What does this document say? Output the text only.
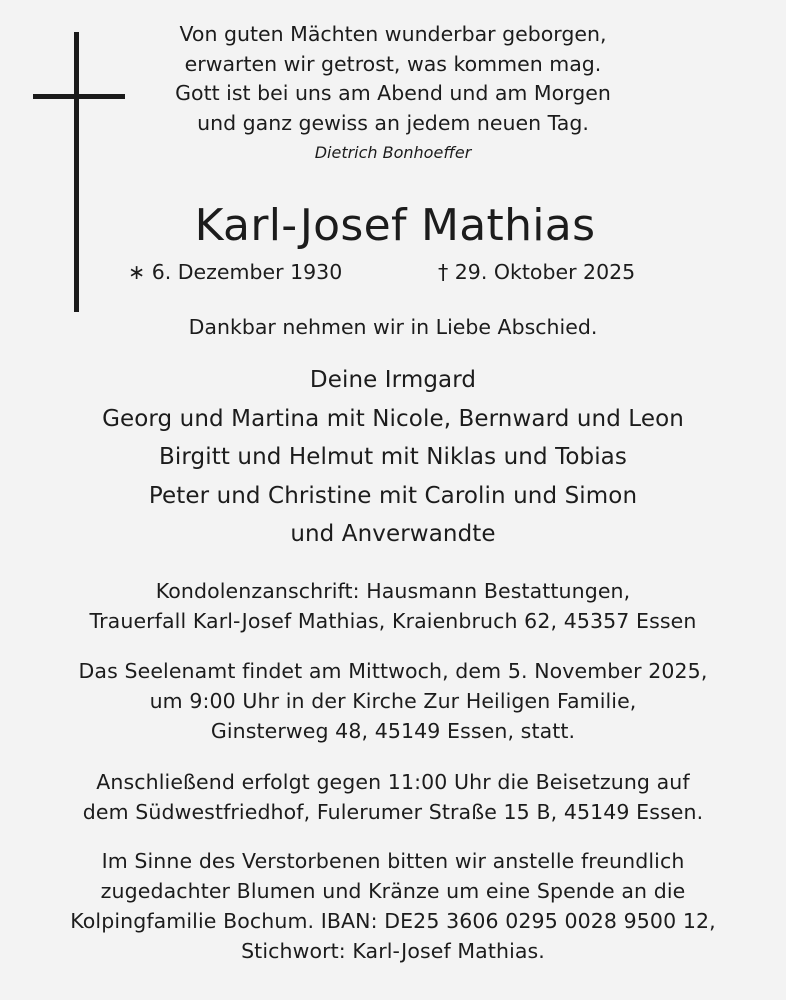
Von guten Mächten wunderbar geborgen,
erwarten wir getrost, was kommen mag.
Gott ist bei uns am Abend und am Morgen
und ganz gewiss an jedem neuen Tag.
Dietrich Bonhoeffer
Karl-Josef Mathias
∗ 6. Dezember 1930	† 29. Oktober 2025
Dankbar nehmen wir in Liebe Abschied.
Deine Irmgard
Georg und Martina mit Nicole, Bernward und Leon
Birgitt und Helmut mit Niklas und Tobias
Peter und Christine mit Carolin und Simon
und Anverwandte
Kondolenzanschrift: Hausmann Bestattungen,
Trauerfall Karl-Josef Mathias, Kraienbruch 62, 45357 Essen
Das Seelenamt findet am Mittwoch, dem 5. November 2025,
um 9:00 Uhr in der Kirche Zur Heiligen Familie,
Ginsterweg 48, 45149 Essen, statt.
Anschließend erfolgt gegen 11:00 Uhr die Beisetzung auf
dem Südwestfriedhof, Fulerumer Straße 15 B, 45149 Essen.
Im Sinne des Verstorbenen bitten wir anstelle freundlich
zugedachter Blumen und Kränze um eine Spende an die
Kolpingfamilie Bochum. IBAN: DE25 3606 0295 0028 9500 12,
Stichwort: Karl-Josef Mathias.
